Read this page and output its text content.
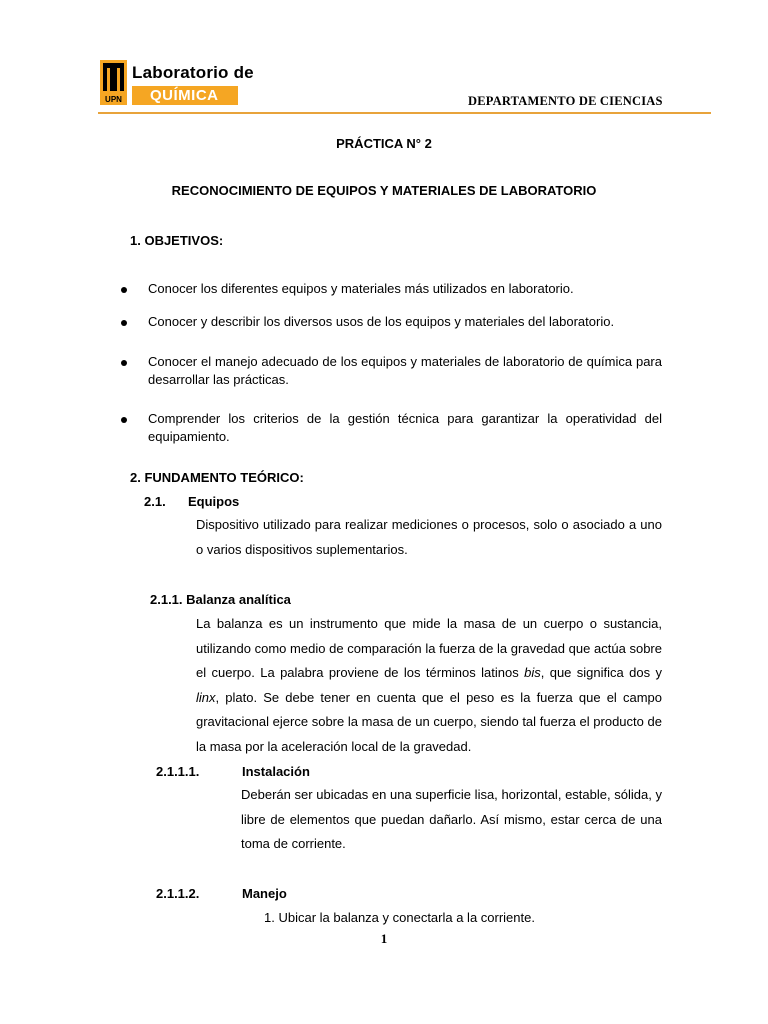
UPN
Laboratorio de
QUÍMICA	DEPARTAMENTO DE CIENCIAS
PRÁCTICA N° 2
RECONOCIMIENTO DE EQUIPOS Y MATERIALES DE LABORATORIO
1. OBJETIVOS:
Conocer los diferentes equipos y materiales más utilizados en laboratorio.
Conocer y describir los diversos usos de los equipos y materiales del laboratorio.
Conocer el manejo adecuado de los equipos y materiales de laboratorio de química para desarrollar las prácticas.
Comprender los criterios de la gestión técnica para garantizar la operatividad del equipamiento.
2. FUNDAMENTO TEÓRICO:
2.1. Equipos
Dispositivo utilizado para realizar mediciones o procesos, solo o asociado a uno o varios dispositivos suplementarios.
2.1.1. Balanza analítica
La balanza es un instrumento que mide la masa de un cuerpo o sustancia, utilizando como medio de comparación la fuerza de la gravedad que actúa sobre el cuerpo. La palabra proviene de los términos latinos bis, que significa dos y linx, plato. Se debe tener en cuenta que el peso es la fuerza que el campo gravitacional ejerce sobre la masa de un cuerpo, siendo tal fuerza el producto de la masa por la aceleración local de la gravedad.
2.1.1.1.	Instalación
Deberán ser ubicadas en una superficie lisa, horizontal, estable, sólida, y libre de elementos que puedan dañarlo. Así mismo, estar cerca de una toma de corriente.
2.1.1.2.	Manejo
1. Ubicar la balanza y conectarla a la corriente.
1
